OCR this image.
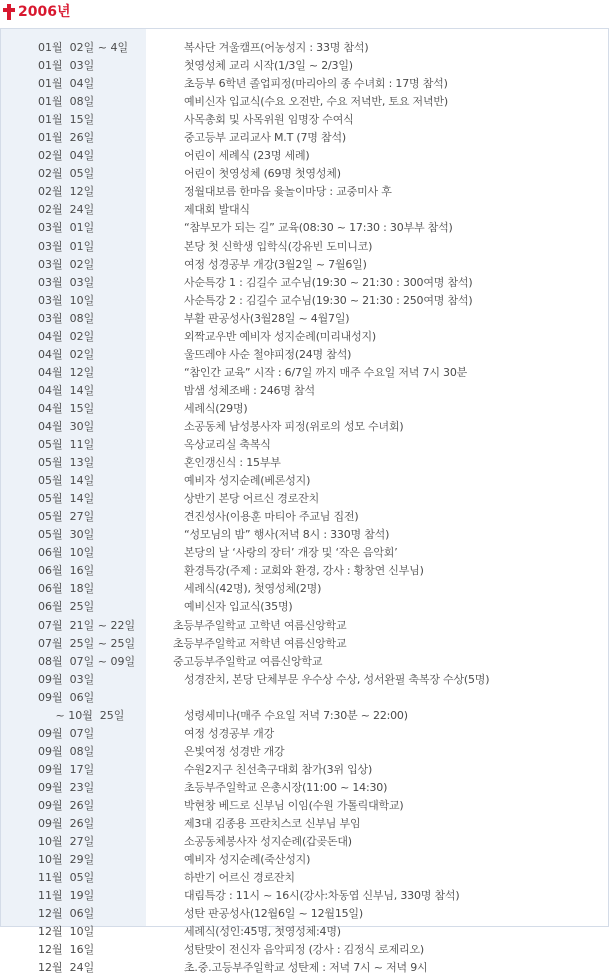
2006년
01월  02일 ~ 4일	복사단 겨울캠프(어농성지 : 33명 참석)
01월  03일	첫영성체 교리 시작(1/3일 ~ 2/3일)
01월  04일	초등부 6학년 졸업피정(마리아의 종 수녀회 : 17명 참석)
01월  08일	예비신자 입교식(수요 오전반, 수요 저녁반, 토요 저녁반)
01월  15일	사목총회 및 사목위원 임명장 수여식
01월  26일	중고등부 교리교사 M.T (7명 참석)
02월  04일	어린이 세례식 (23명 세례)
02월  05일	어린이 첫영성체 (69명 첫영성체)
02월  12일	정월대보름 한마음 윷놀이마당 : 교중미사 후
02월  24일	제대회 발대식
03월  01일	“참부모가 되는 길” 교육(08:30 ~ 17:30 : 30부부 참석)
03월  01일	본당 첫 신학생 입학식(강유빈 도미니코)
03월  02일	여정 성경공부 개강(3월2일 ~ 7월6일)
03월  03일	사순특강 1 : 김길수 교수님(19:30 ~ 21:30 : 300여명 참석)
03월  10일	사순특강 2 : 김길수 교수님(19:30 ~ 21:30 : 250여명 참석)
03월  08일	부활 판공성사(3월28일 ~ 4월7일)
04월  02일	외짝교우반 예비자 성지순례(미리내성지)
04월  02일	울뜨레야 사순 철야피정(24명 참석)
04월  12일	“참인간 교육” 시작 : 6/7일 까지 매주 수요일 저녁 7시 30분
04월  14일	밤샘 성체조배 : 246명 참석
04월  15일	세례식(29명)
04월  30일	소공동체 남성봉사자 피정(위로의 성모 수녀회)
05월  11일	옥상교리실 축복식
05월  13일	혼인갱신식 : 15부부
05월  14일	예비자 성지순례(베론성지)
05월  14일	상반기 본당 어르신 경로잔치
05월  27일	견진성사(이용훈 마티아 주교님 집전)
05월  30일	“성모님의 밤” 행사(저녁 8시 : 330명 참석)
06월  10일	본당의 날 ‘사랑의 장터’ 개장 및 ‘작은 음악회’
06월  16일	환경특강(주제 : 교회와 환경, 강사 : 황창연 신부님)
06월  18일	세례식(42명), 첫영성체(2명)
06월  25일	예비신자 입교식(35명)
07월  21일 ~ 22일	초등부주일학교 고학년 여름신앙학교
07월  25일 ~ 25일	초등부주일학교 저학년 여름신앙학교
08월  07일 ~ 09일	중고등부주일학교 여름신앙학교
09월  03일	성경잔치, 본당 단체부문 우수상 수상, 성서완필 축복장 수상(5명)
09월  06일
~ 10월  25일	성령세미나(매주 수요일 저녁 7:30분 ~ 22:00)
09월  07일	여정 성경공부 개강
09월  08일	은빛여정 성경반 개강
09월  17일	수원2지구 친선축구대회 참가(3위 입상)
09월  23일	초등부주일학교 은총시장(11:00 ~ 14:30)
09월  26일	박현창 베드로 신부님 이임(수원 가톨릭대학교)
09월  26일	제3대 김종용 프란치스코 신부님 부임
10월  27일	소공동체봉사자 성지순례(갑곶돈대)
10월  29일	예비자 성지순례(죽산성지)
11월  05일	하반기 어르신 경로잔치
11월  19일	대림특강 : 11시 ~ 16시(강사:차동엽 신부님, 330명 참석)
12월  06일	성탄 판공성사(12월6일 ~ 12월15일)
12월  10일	세례식(성인:45명, 첫영성체:4명)
12월  16일	성탄맞이 전신자 음악피정 (강사 : 김정식 로제리오)
12월  24일	초.중.고등부주일학교 성탄제 : 저녁 7시 ~ 저녁 9시
